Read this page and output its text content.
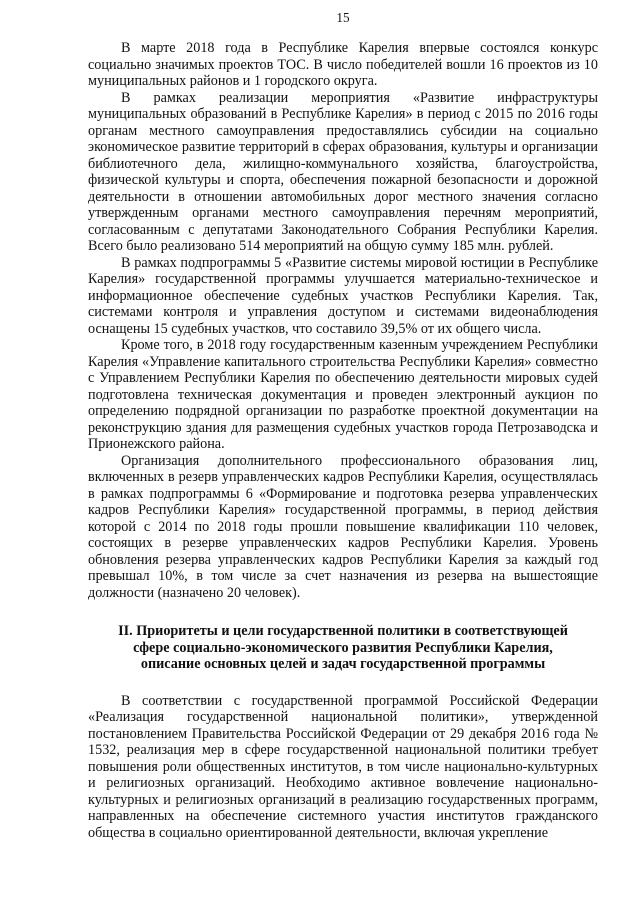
15

В марте 2018 года в Республике Карелия впервые состоялся конкурс социально значимых проектов ТОС. В число победителей вошли 16 проектов из 10 муниципальных районов и 1 городского округа.

В рамках реализации мероприятия «Развитие инфраструктуры муниципальных образований в Республике Карелия» в период с 2015 по 2016 годы органам местного самоуправления предоставлялись субсидии на социально экономическое развитие территорий в сферах образования, культуры и организации библиотечного дела, жилищно-коммунального хозяйства, благоустройства, физической культуры и спорта, обеспечения пожарной безопасности и дорожной деятельности в отношении автомобильных дорог местного значения согласно утвержденным органами местного самоуправления перечням мероприятий, согласованным с депутатами Законодательного Собрания Республики Карелия. Всего было реализовано 514 мероприятий на общую сумму 185 млн. рублей.

В рамках подпрограммы 5 «Развитие системы мировой юстиции в Республике Карелия» государственной программы улучшается материально-техническое и информационное обеспечение судебных участков Республики Карелия. Так, системами контроля и управления доступом и системами видеонаблюдения оснащены 15 судебных участков, что составило 39,5% от их общего числа.

Кроме того, в 2018 году государственным казенным учреждением Республики Карелия «Управление капитального строительства Республики Карелия» совместно с Управлением Республики Карелия по обеспечению деятельности мировых судей подготовлена техническая документация и проведен электронный аукцион по определению подрядной организации по разработке проектной документации на реконструкцию здания для размещения судебных участков города Петрозаводска и Прионежского района.

Организация дополнительного профессионального образования лиц, включенных в резерв управленческих кадров Республики Карелия, осуществлялась в рамках подпрограммы 6 «Формирование и подготовка резерва управленческих кадров Республики Карелия» государственной программы, в период действия которой с 2014 по 2018 годы прошли повышение квалификации 110 человек, состоящих в резерве управленческих кадров Республики Карелия. Уровень обновления резерва управленческих кадров Республики Карелия за каждый год превышал 10%, в том числе за счет назначения из резерва на вышестоящие должности (назначено 20 человек).

II. Приоритеты и цели государственной политики в соответствующей
сфере социально-экономического развития Республики Карелия,
описание основных целей и задач государственной программы

В соответствии с государственной программой Российской Федерации «Реализация государственной национальной политики», утвержденной постановлением Правительства Российской Федерации от 29 декабря 2016 года № 1532, реализация мер в сфере государственной национальной политики требует повышения роли общественных институтов, в том числе национально-культурных и религиозных организаций. Необходимо активное вовлечение национально-культурных и религиозных организаций в реализацию государственных программ, направленных на обеспечение системного участия институтов гражданского общества в социально ориентированной деятельности, включая укрепление
